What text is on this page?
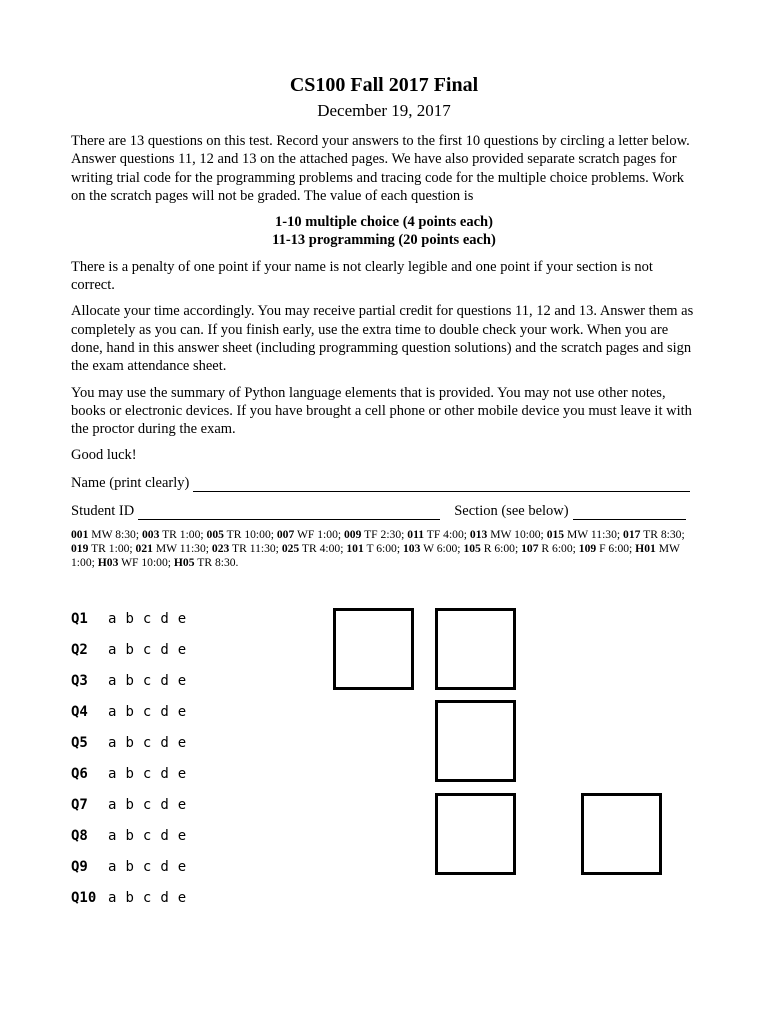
CS100 Fall 2017 Final
December 19, 2017

There are 13 questions on this test. Record your answers to the first 10 questions by circling a letter below. Answer questions 11, 12 and 13 on the attached pages. We have also provided separate scratch pages for writing trial code for the programming problems and tracing code for the multiple choice problems. Work on the scratch pages will not be graded. The value of each question is

1-10 multiple choice (4 points each)
11-13 programming (20 points each)

There is a penalty of one point if your name is not clearly legible and one point if your section is not correct.

Allocate your time accordingly. You may receive partial credit for questions 11, 12 and 13. Answer them as completely as you can. If you finish early, use the extra time to double check your work. When you are done, hand in this answer sheet (including programming question solutions) and the scratch pages and sign the exam attendance sheet.

You may use the summary of Python language elements that is provided. You may not use other notes, books or electronic devices. If you have brought a cell phone or other mobile device you must leave it with the proctor during the exam.

Good luck!

Name (print clearly)
Student ID	Section (see below)
001 MW 8:30; 003 TR 1:00; 005 TR 10:00; 007 WF 1:00; 009 TF 2:30; 011 TF 4:00; 013 MW 10:00; 015 MW 11:30; 017 TR 8:30; 019 TR 1:00; 021 MW 11:30; 023 TR 11:30; 025 TR 4:00; 101 T 6:00; 103 W 6:00; 105 R 6:00; 107 R 6:00; 109 F 6:00; H01 MW 1:00; H03 WF 10:00; H05 TR 8:30.
Q1	a b c d e
Q2	a b c d e
Q3	a b c d e
Q4	a b c d e
Q5	a b c d e
Q6	a b c d e
Q7	a b c d e
Q8	a b c d e
Q9	a b c d e
Q10 a b c d e
